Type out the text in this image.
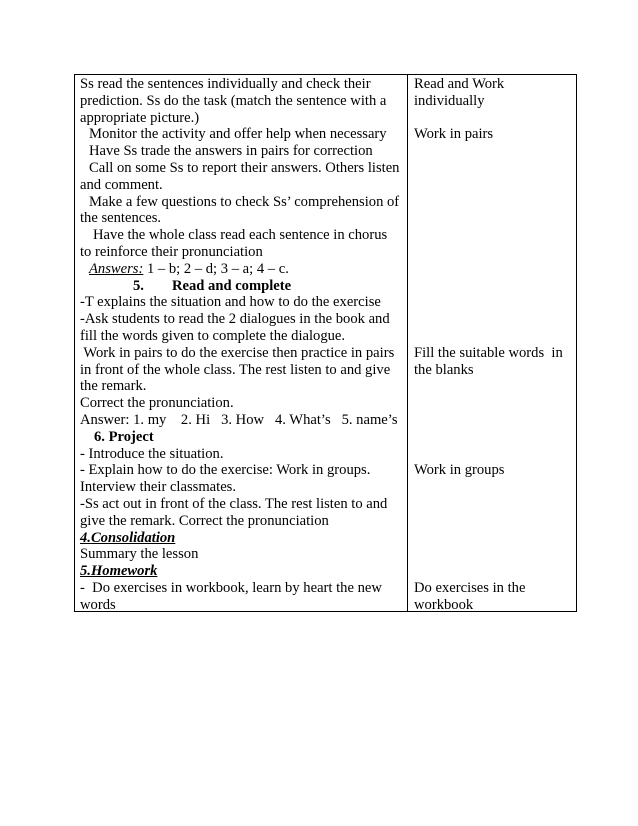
Ss read the sentences individually and check their
prediction. Ss do the task (match the sentence with a
appropriate picture.)
Monitor the activity and offer help when necessary
Have Ss trade the answers in pairs for correction
Call on some Ss to report their answers. Others listen
and comment.
Make a few questions to check Ss’ comprehension of
the sentences.
Have the whole class read each sentence in chorus
to reinforce their pronunciation
Answers: 1 – b; 2 – d; 3 – a; 4 – c.
5. Read and complete
-T explains the situation and how to do the exercise
-Ask students to read the 2 dialogues in the book and
fill the words given to complete the dialogue.
Work in pairs to do the exercise then practice in pairs
in front of the whole class. The rest listen to and give
the remark.
Correct the pronunciation.
Answer: 1. my    2. Hi   3. How   4. What’s   5. name’s
6. Project
- Introduce the situation.
- Explain how to do the exercise: Work in groups.
Interview their classmates.
-Ss act out in front of the class. The rest listen to and
give the remark. Correct the pronunciation
4.Consolidation
Summary the lesson
5.Homework
-  Do exercises in workbook, learn by heart the new
words
Read and Work
individually
Work in pairs
Fill the suitable words  in
the blanks
Work in groups
Do exercises in the
workbook
